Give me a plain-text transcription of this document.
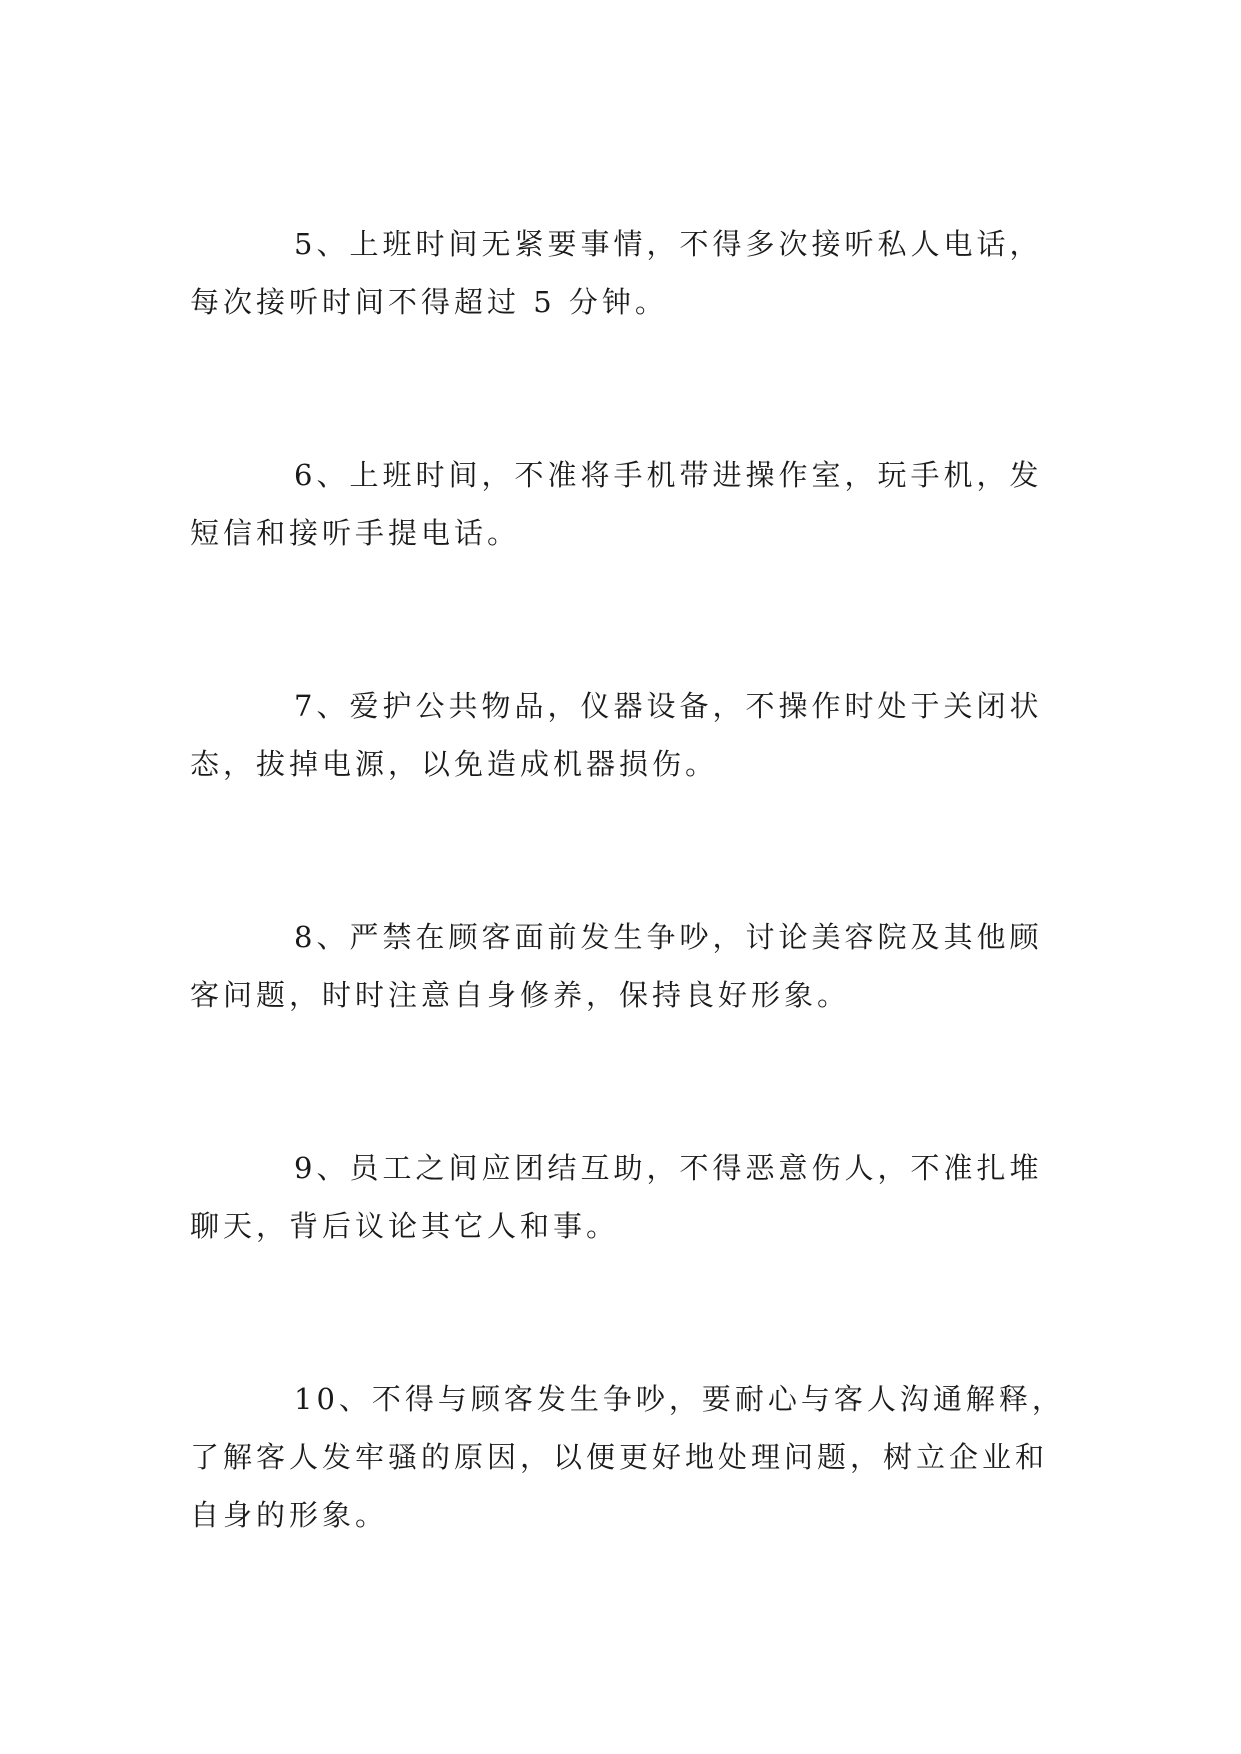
5、上班时间无紧要事情，不得多次接听私人电话，每次接听时间不得超过 5 分钟。

6、上班时间，不准将手机带进操作室，玩手机，发短信和接听手提电话。

7、爱护公共物品，仪器设备，不操作时处于关闭状态，拔掉电源，以免造成机器损伤。

8、严禁在顾客面前发生争吵，讨论美容院及其他顾客问题，时时注意自身修养，保持良好形象。

9、员工之间应团结互助，不得恶意伤人，不准扎堆聊天，背后议论其它人和事。

10、不得与顾客发生争吵，要耐心与客人沟通解释，了解客人发牢骚的原因，以便更好地处理问题，树立企业和自身的形象。
